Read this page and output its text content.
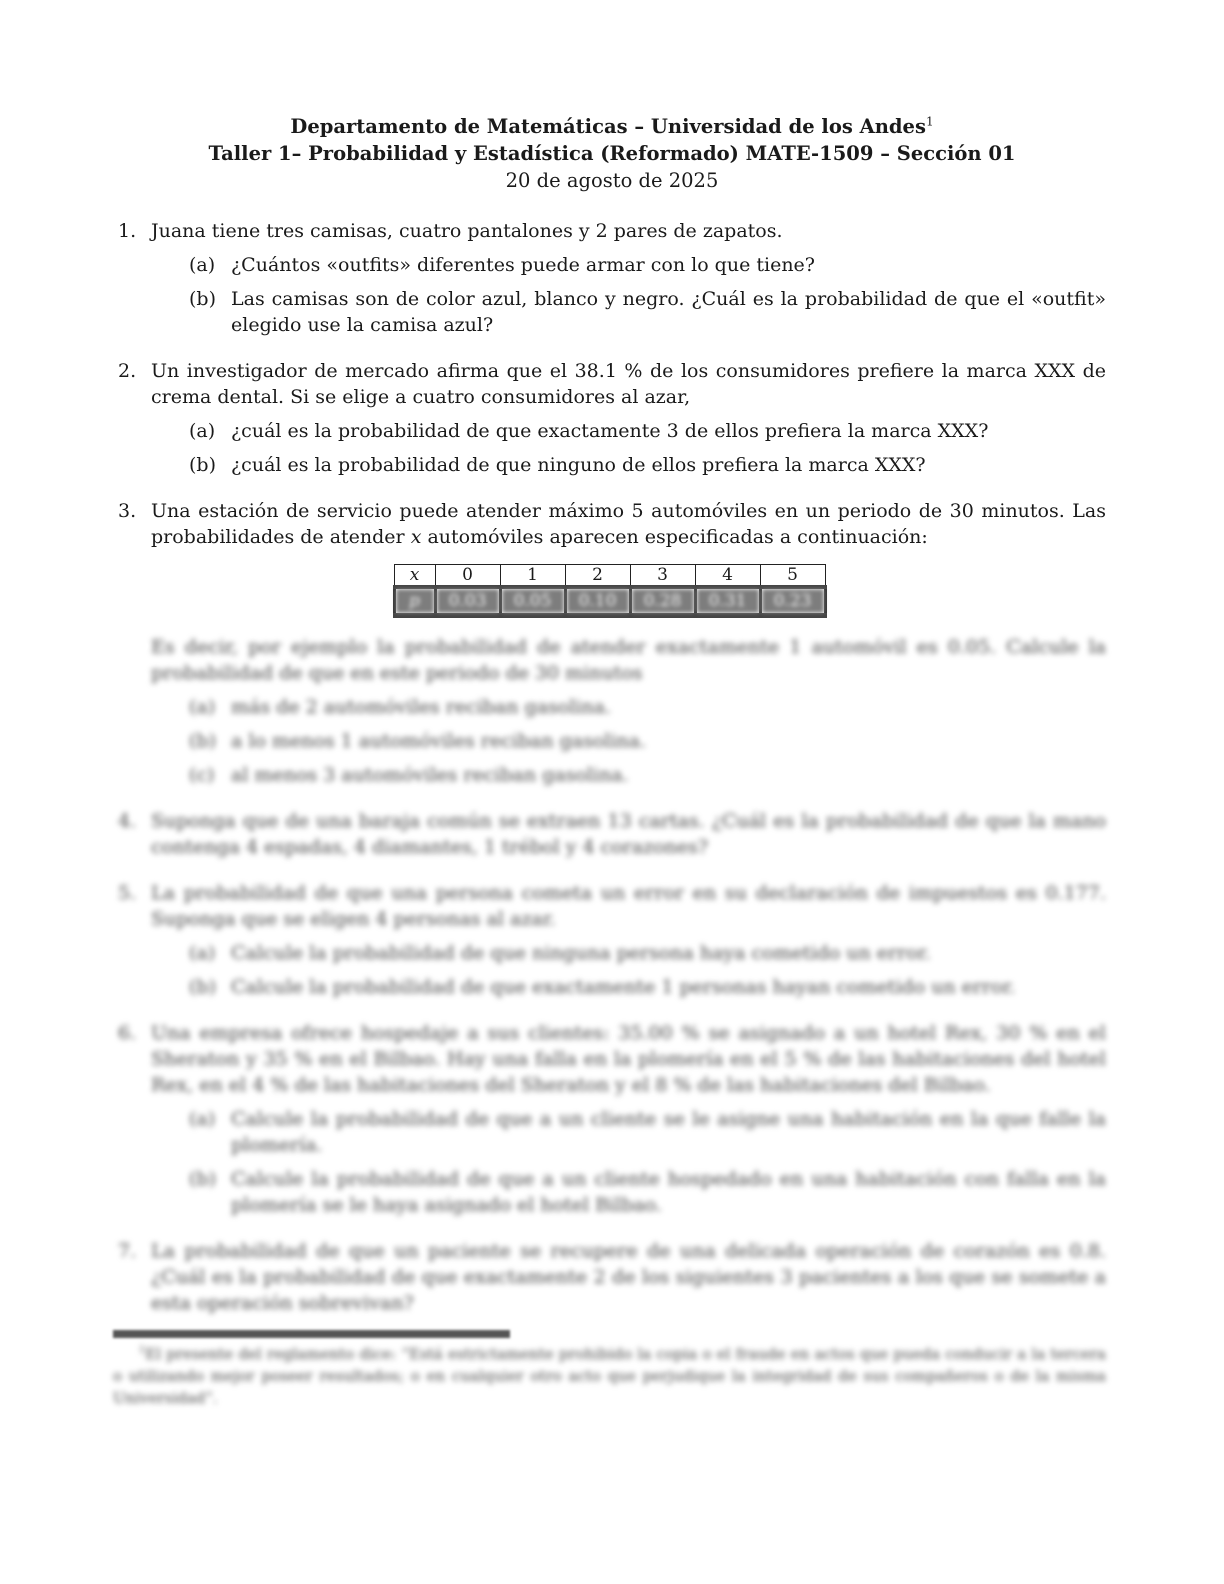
Departamento de Matemáticas – Universidad de los Andes$^1$
Taller 1– Probabilidad y Estadística (Reformado) MATE-1509 – Sección 01
20 de agosto de 2025
1. Juana tiene tres camisas, cuatro pantalones y 2 pares de zapatos.
(a) ¿Cuántos «outfits» diferentes puede armar con lo que tiene?
(b) Las camisas son de color azul, blanco y negro. ¿Cuál es la probabilidad de que el «outfit» elegido use la camisa azul?
2. Un investigador de mercado afirma que el 38.1 % de los consumidores prefiere la marca XXX de crema dental. Si se elige a cuatro consumidores al azar,
(a) ¿cuál es la probabilidad de que exactamente 3 de ellos prefiera la marca XXX?
(b) ¿cuál es la probabilidad de que ninguno de ellos prefiera la marca XXX?
3. Una estación de servicio puede atender máximo 5 automóviles en un periodo de 30 minutos. Las probabilidades de atender x automóviles aparecen especificadas a continuación:
x	0	1	2	3	4	5
p	0.03	0.05	0.10	0.28	0.31	0.23
Es decir, por ejemplo la probabilidad de atender exactamente 1 automóvil es 0.05. Calcule la probabilidad de que en este periodo de 30 minutos
(a) más de 2 automóviles reciban gasolina.
(b) a lo menos 1 automóviles reciban gasolina.
(c) al menos 3 automóviles reciban gasolina.
4. Suponga que de una baraja común se extraen 13 cartas. ¿Cuál es la probabilidad de que la mano contenga 4 espadas, 4 diamantes, 1 trébol y 4 corazones?
5. La probabilidad de que una persona cometa un error en su declaración de impuestos es 0.177. Suponga que se eligen 4 personas al azar.
(a) Calcule la probabilidad de que ninguna persona haya cometido un error.
(b) Calcule la probabilidad de que exactamente 1 personas hayan cometido un error.
6. Una empresa ofrece hospedaje a sus clientes: 35.00 % se asignado a un hotel Rex, 30 % en el Sheraton y 35 % en el Bilbao. Hay una falla en la plomería en el 5 % de las habitaciones del hotel Rex, en el 4 % de las habitaciones del Sheraton y el 8 % de las habitaciones del Bilbao.
(a) Calcule la probabilidad de que a un cliente se le asigne una habitación en la que falle la plomería.
(b) Calcule la probabilidad de que a un cliente hospedado en una habitación con falla en la plomería se le haya asignado el hotel Bilbao.
7. La probabilidad de que un paciente se recupere de una delicada operación de corazón es 0.8. ¿Cuál es la probabilidad de que exactamente 2 de los siguientes 3 pacientes a los que se somete a esta operación sobrevivan?
$^1$El presente del reglamento dice: “Está estrictamente prohibido la copia o el fraude en actos que pueda conducir a la tercera o utilizando mejor poseer resultados; o en cualquier otro acto que perjudique la integridad de sus compañeros o de la misma Universidad”.
